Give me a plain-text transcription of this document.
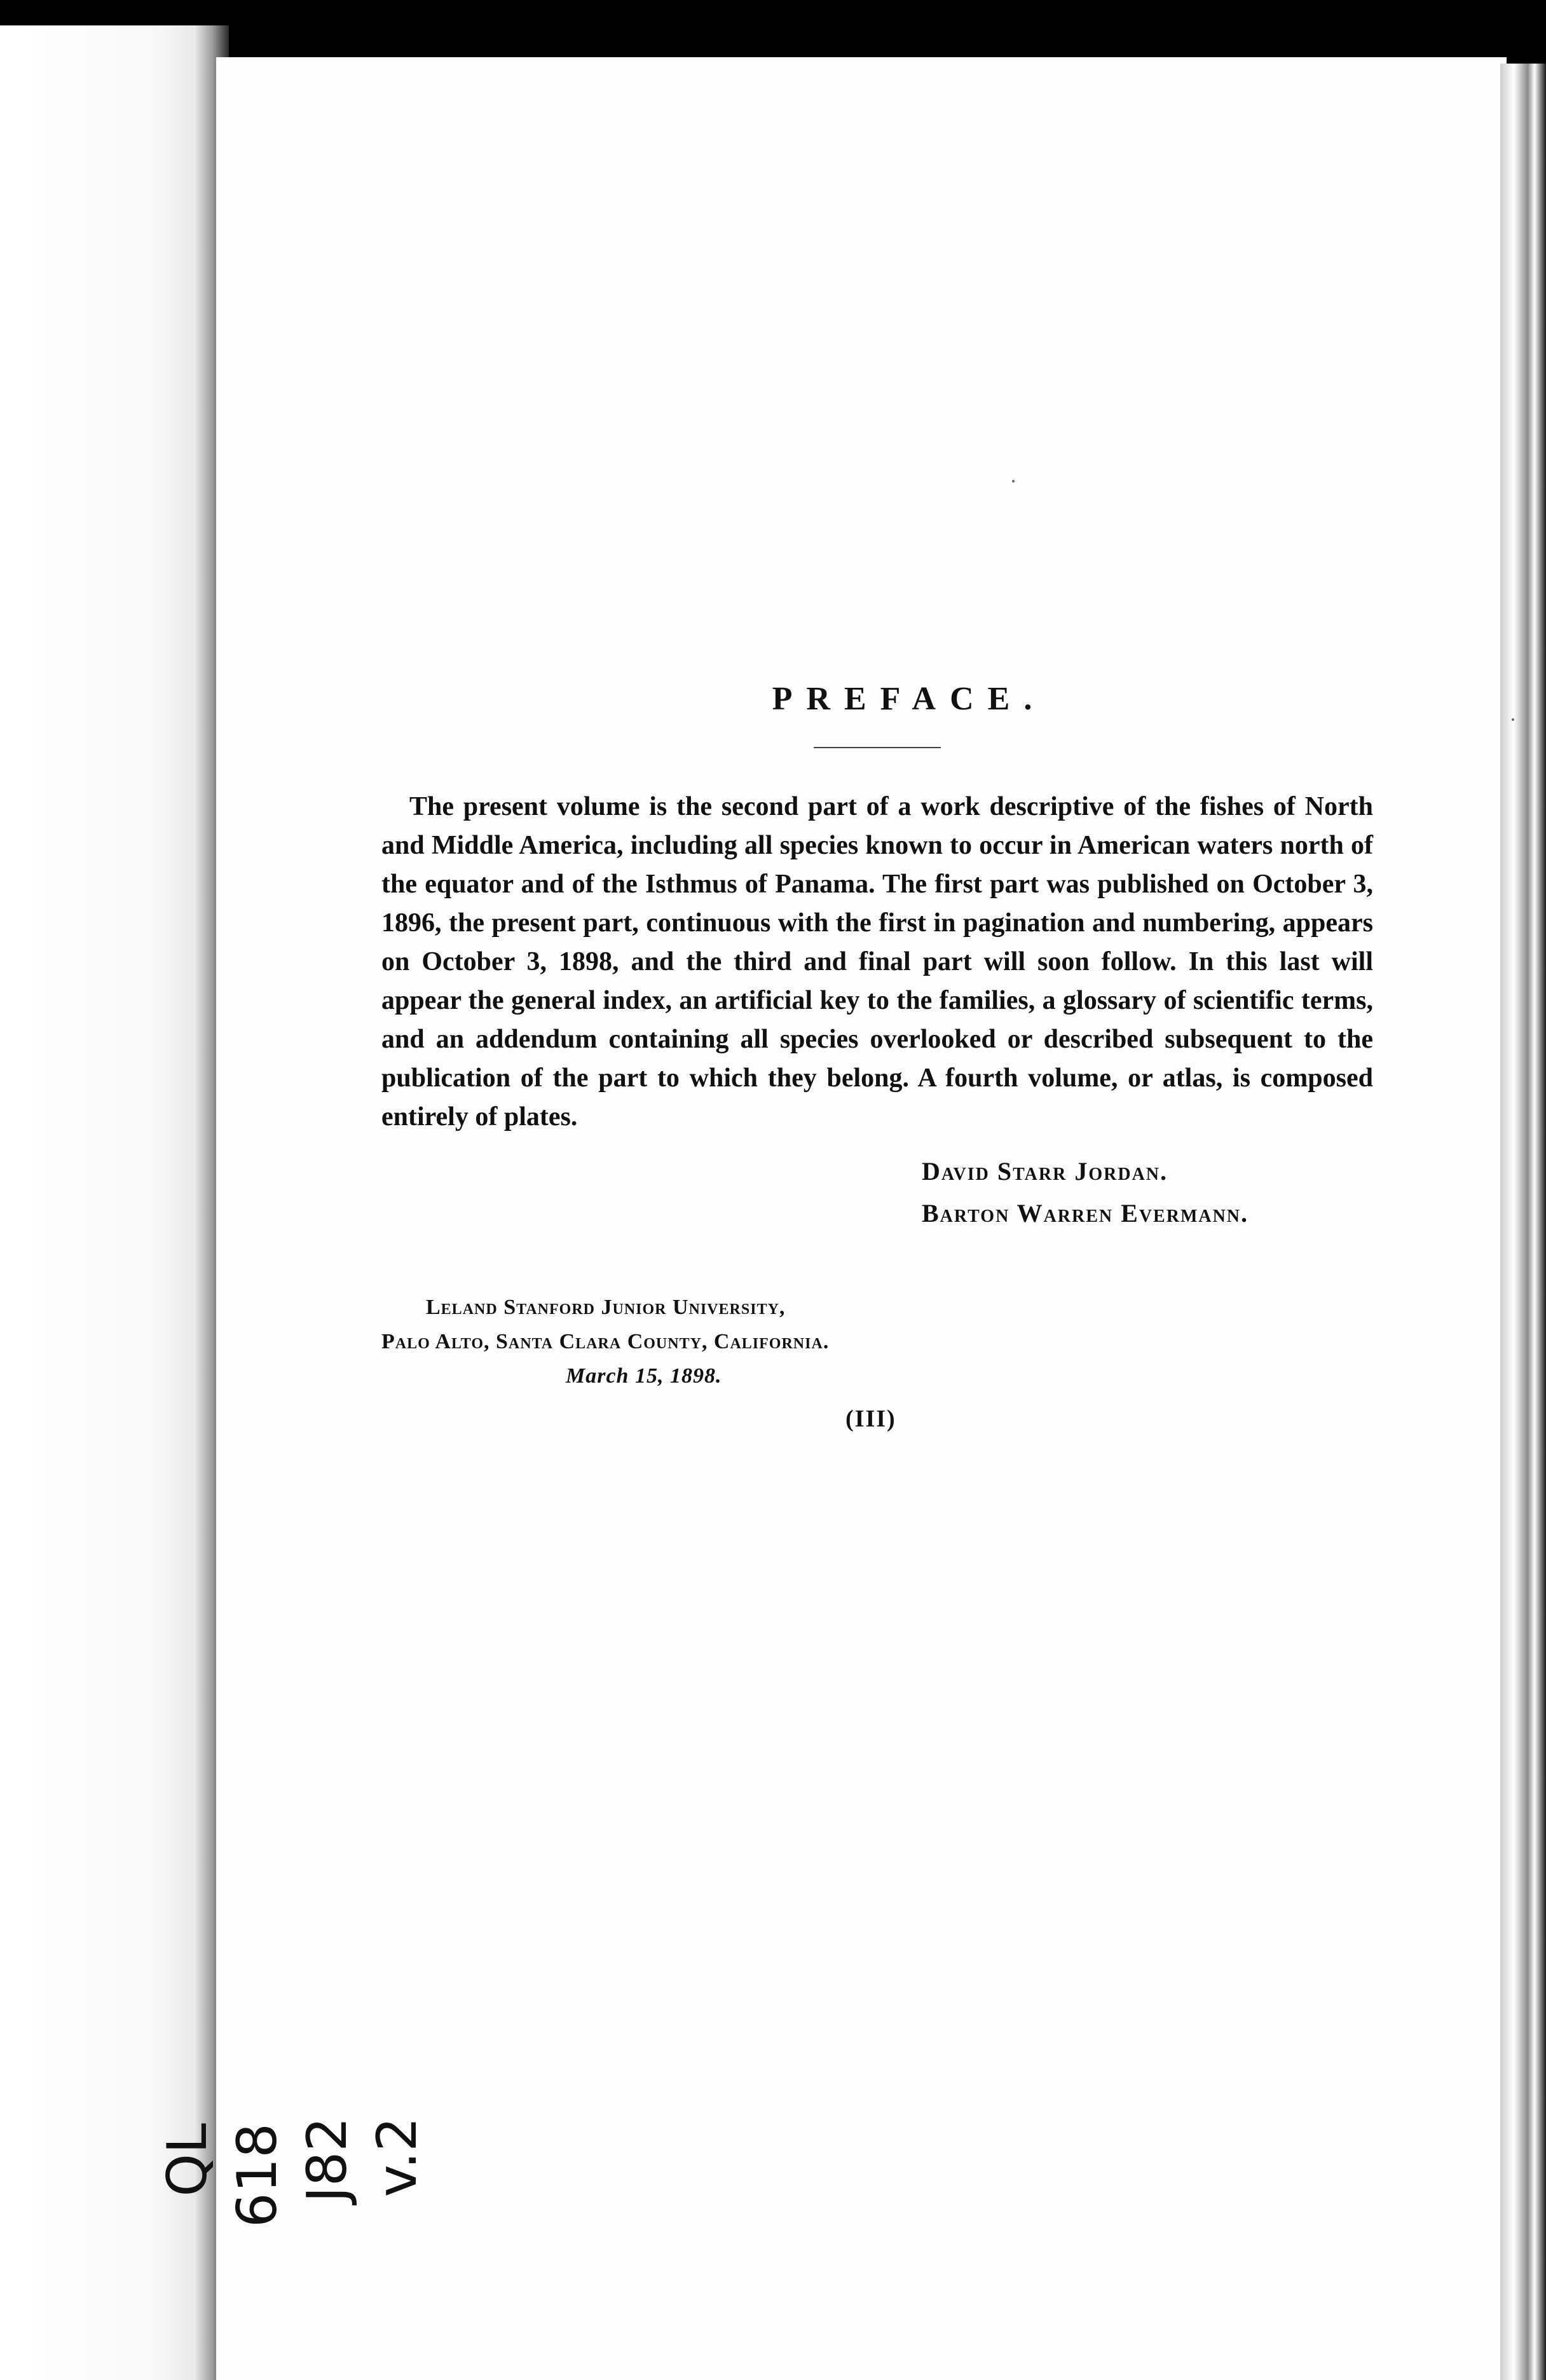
PREFACE.

The present volume is the second part of a work descriptive of the fishes of North and Middle America, including all species known to occur in American waters north of the equator and of the Isthmus of Panama. The first part was published on October 3, 1896, the present part, continuous with the first in pagination and numbering, appears on October 3, 1898, and the third and final part will soon follow. In this last will appear the general index, an artificial key to the families, a glossary of scientific terms, and an addendum containing all species overlooked or described subsequent to the publication of the part to which they belong. A fourth volume, or atlas, is composed entirely of plates.

David Starr Jordan.
Barton Warren Evermann.
Leland Stanford Junior University,
Palo Alto, Santa Clara County, California.
March 15, 1898.
(III)
QL 618 J82 v.2
